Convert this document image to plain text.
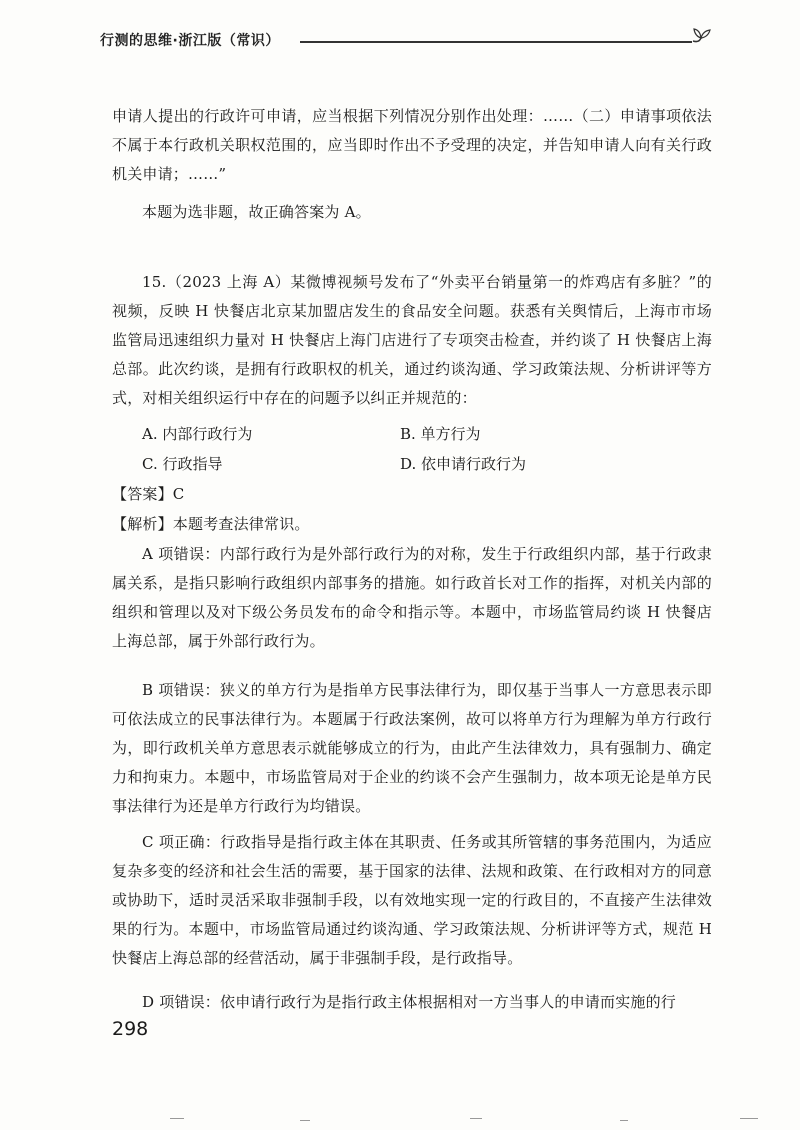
行测的思维·浙江版（常识）
申请人提出的行政许可申请，应当根据下列情况分别作出处理：……（二）申请事项依法不属于本行政机关职权范围的，应当即时作出不予受理的决定，并告知申请人向有关行政机关申请；……”
本题为选非题，故正确答案为 A。
15.（2023 上海 A）某微博视频号发布了“外卖平台销量第一的炸鸡店有多脏？”的视频，反映 H 快餐店北京某加盟店发生的食品安全问题。获悉有关舆情后，上海市市场监管局迅速组织力量对 H 快餐店上海门店进行了专项突击检查，并约谈了 H 快餐店上海总部。此次约谈，是拥有行政职权的机关，通过约谈沟通、学习政策法规、分析讲评等方式，对相关组织运行中存在的问题予以纠正并规范的：
A. 内部行政行为	B. 单方行为
C. 行政指导	D. 依申请行政行为
【答案】C
【解析】本题考查法律常识。
A 项错误：内部行政行为是外部行政行为的对称，发生于行政组织内部，基于行政隶属关系，是指只影响行政组织内部事务的措施。如行政首长对工作的指挥，对机关内部的组织和管理以及对下级公务员发布的命令和指示等。本题中，市场监管局约谈 H 快餐店上海总部，属于外部行政行为。
B 项错误：狭义的单方行为是指单方民事法律行为，即仅基于当事人一方意思表示即可依法成立的民事法律行为。本题属于行政法案例，故可以将单方行为理解为单方行政行为，即行政机关单方意思表示就能够成立的行为，由此产生法律效力，具有强制力、确定力和拘束力。本题中，市场监管局对于企业的约谈不会产生强制力，故本项无论是单方民事法律行为还是单方行政行为均错误。
C 项正确：行政指导是指行政主体在其职责、任务或其所管辖的事务范围内，为适应复杂多变的经济和社会生活的需要，基于国家的法律、法规和政策、在行政相对方的同意或协助下，适时灵活采取非强制手段，以有效地实现一定的行政目的，不直接产生法律效果的行为。本题中，市场监管局通过约谈沟通、学习政策法规、分析讲评等方式，规范 H 快餐店上海总部的经营活动，属于非强制手段，是行政指导。
D 项错误：依申请行政行为是指行政主体根据相对一方当事人的申请而实施的行
298
